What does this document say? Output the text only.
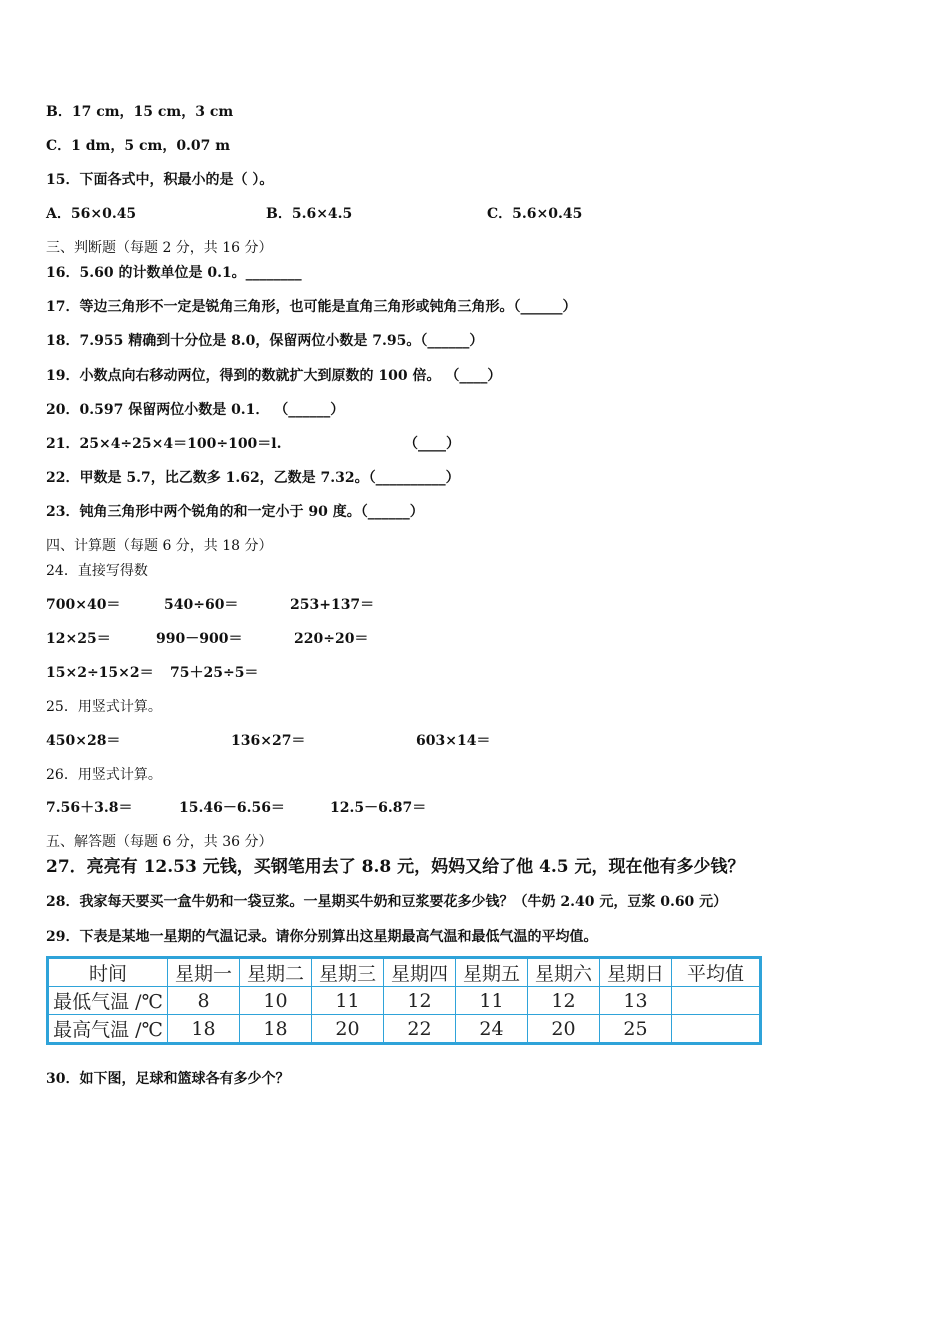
B．17 cm，15 cm，3 cm
C．1 dm，5 cm，0.07 m
15．下面各式中，积最小的是（ ）。
A．56×0.45	B．5.6×4.5	C．5.6×0.45
三、判断题（每题 2 分，共 16 分）
16．5.60 的计数单位是 0.1。________
17．等边三角形不一定是锐角三角形，也可能是直角三角形或钝角三角形。（______）
18．7.955 精确到十分位是 8.0，保留两位小数是 7.95。（______）
19．小数点向右移动两位，得到的数就扩大到原数的 100 倍。 （____）
20．0.597 保留两位小数是 0.1． （______）
21．25×4÷25×4＝100÷100＝l.	（____）
22．甲数是 5.7，比乙数多 1.62，乙数是 7.32。（__________）
23．钝角三角形中两个锐角的和一定小于 90 度。（______）
四、计算题（每题 6 分，共 18 分）
24．直接写得数
700×40＝	540÷60＝	253+137＝
12×25＝	990－900＝	220÷20＝
15×2÷15×2＝ 75＋25÷5＝
25．用竖式计算。
450×28＝	136×27＝	603×14＝
26．用竖式计算。
7.56＋3.8＝	15.46－6.56＝	12.5－6.87＝
五、解答题（每题 6 分，共 36 分）
27．亮亮有 12.53 元钱，买钢笔用去了 8.8 元，妈妈又给了他 4.5 元，现在他有多少钱？
28．我家每天要买一盒牛奶和一袋豆浆。一星期买牛奶和豆浆要花多少钱？（牛奶 2.40 元，豆浆 0.60 元）
29．下表是某地一星期的气温记录。请你分别算出这星期最高气温和最低气温的平均值。
时间	星期一	星期二	星期三	星期四	星期五	星期六	星期日	平均值
最低气温 /℃	8	10	11	12	11	12	13	
最高气温 /℃	18	18	20	22	24	20	25	
30．如下图，足球和篮球各有多少个？
